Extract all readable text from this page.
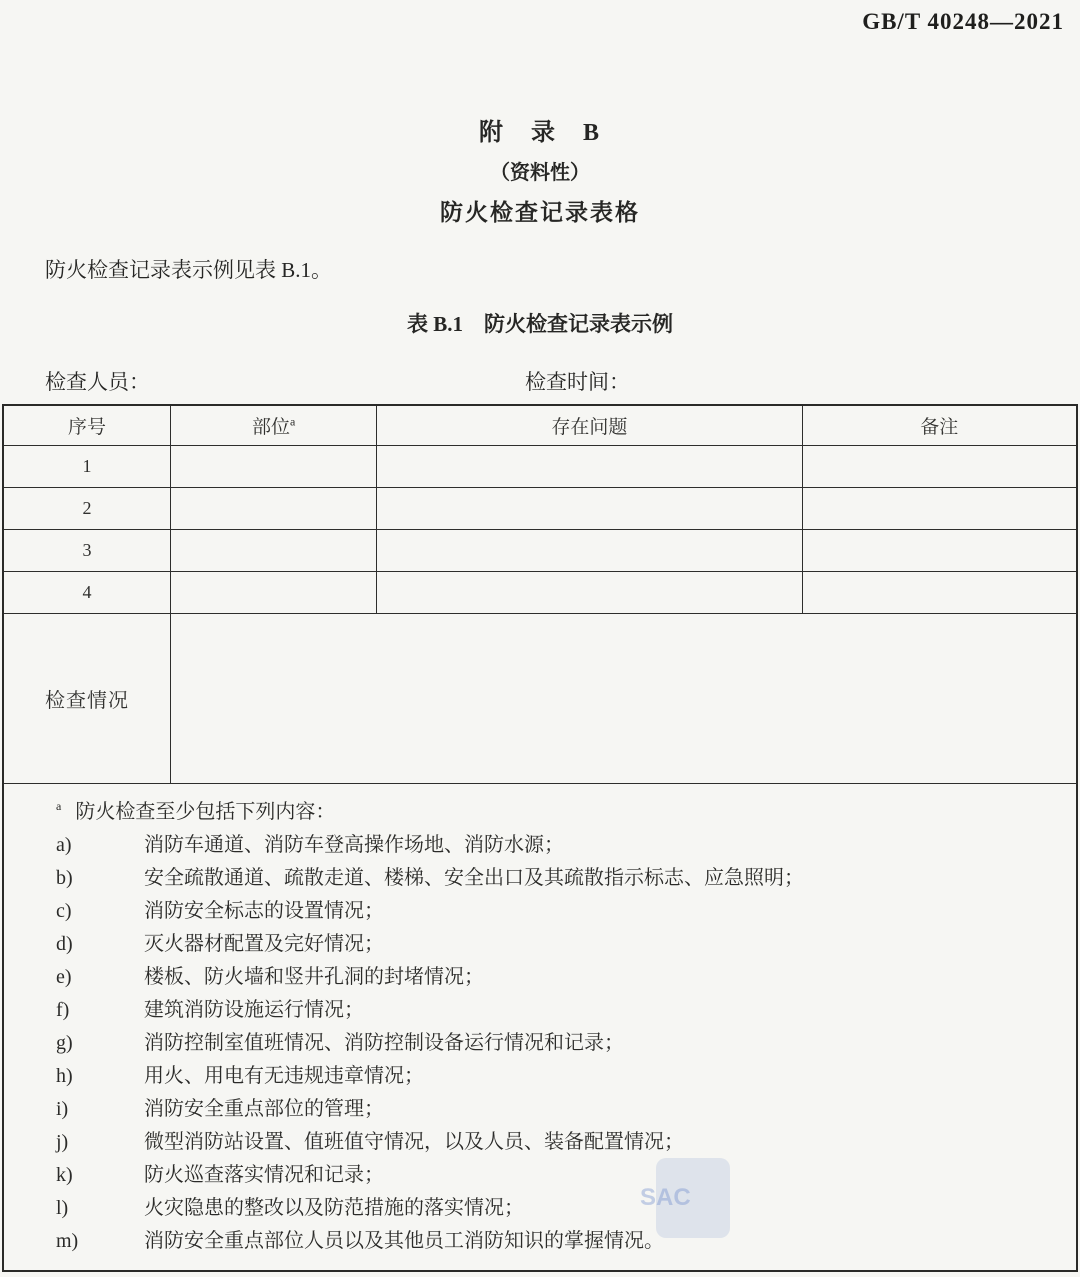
GB/T 40248—2021
附　录　B
（资料性）
防火检查记录表格

防火检查记录表示例见表 B.1。

表 B.1　防火检查记录表示例
检查人员：	检查时间：
序号	部位$^a$	存在问题	备注
1			
2			
3			
4			
检查情况			

$^a$ 防火检查至少包括下列内容：
a)	消防车通道、消防车登高操作场地、消防水源；
b)	安全疏散通道、疏散走道、楼梯、安全出口及其疏散指示标志、应急照明；
c)	消防安全标志的设置情况；
d)	灭火器材配置及完好情况；
e)	楼板、防火墙和竖井孔洞的封堵情况；
f)	建筑消防设施运行情况；
g)	消防控制室值班情况、消防控制设备运行情况和记录；
h)	用火、用电有无违规违章情况；
i)	消防安全重点部位的管理；
j)	微型消防站设置、值班值守情况，以及人员、装备配置情况；
k)	防火巡查落实情况和记录；
l)	火灾隐患的整改以及防范措施的落实情况；
m)	消防安全重点部位人员以及其他员工消防知识的掌握情况。
SAC
